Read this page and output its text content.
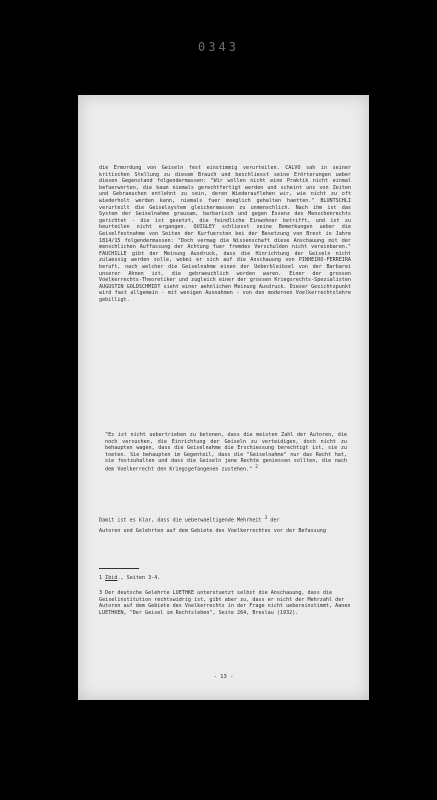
0343

die Ermordung von Geiseln fest einstimmig verurteilen. CALVO sah in seiner kritischen Stellung zu diesem Brauch und beschliesst seine Erörterungen ueber diesen Gegenstand folgendermassen: "Wir wollen nicht eine Praktik nicht einmal befuerworten, die kaum niemals gerechtfertigt werden und scheint uns von Zeiten und Gebraeuchen entlehnt zu sein, deren Wiederauflehen wir, wie nicht zu oft wiederholt werden kann, niemals fuer moeglich gehalten haetten." BLUNTSCHLI verurteilt die Geiselsystem gleichermassen zu unmenschlich. Nach ihm ist das System der Geiselnahme grausam, barbarisch und gegen Essenz des Menschenrechts gerichtet - die ist gesetzt, die feindliche Einwohner betrifft, und ist zu beurteilen nicht ergangen. QUIGLEY schliesst seine Bemerkungen ueber die Geiselfestnahme von Seiten der Kurfuersten bei der Besetzung von Brest in Jahre 1814/15 folgendermassen: "Doch vermag die Wissenschaft diese Anschauung mit der menschlichen Auffassung der Achtung fuer fremdes Verschulden nicht vereinbaren." FAUCHILLE gibt der Meinung Ausdruck, dass die Hinrichtung der Geiseln nicht zulaessig werden solle, wobei er sich auf die Anschauung von PINHEIRO-FERREIRA beruft, nach welcher die Geiselnahme einen der Ueberbleibsel von der Barbarei unserer Ahnen ist, die gebraeuchlich worden waren. Einer der grossen Voelkerrechts-Theoretiker und zugleich einer der grossen Kriegsrechts-Spezialisten AUGUSTIN GOLDSCHMIDT sieht einer aehnlichen Meinung Ausdruck. Dieser Gesichtspunkt wird fast allgemein - mit wenigen Ausnahmen - von den modernen Voelkerrechtslehre gebilligt.

"Es ist nicht uebertrieben zu betonen, dass die meisten Zahl der Autoren, die noch versuchen, die Einrichtung der Geiseln zu verteidigen, doch nicht zu behaupten wagen, dass die Geiselnahme die Erschiessung berechtigt ist, sie zu toeten. Sie behaupten im Gegenteil, dass die "Geiselnahme" nur das Recht hat, sie festzuhalten und dass die Geiseln jene Rechte geniessen sollten, die nach dem Voelkerrecht den Kriegsgefangenen zustehen." $^2$

Damit ist es klar, dass die ueberwaeltigende Mehrheit $^3$ der
Autoren und Gelehrten auf dem Gebiete des Voelkerrechtes vor der Befassung

1 Ibid., Seiten 3-4.

3 Der deutsche Gelehrte LUETHKE unterstuetzt selbst die Anschauung, dass die Geiselinstitution rechtswidrig ist, gibt aber zu, dass er nicht der Mehrzahl der Autoren auf dem Gebiete des Voelkerrechts in der Frage nicht uebereinstimmt, Aanen LUETHKEN, "Der Geisel im Rechtsleben", Seite 264, Breslau (1932).

- 13 -
